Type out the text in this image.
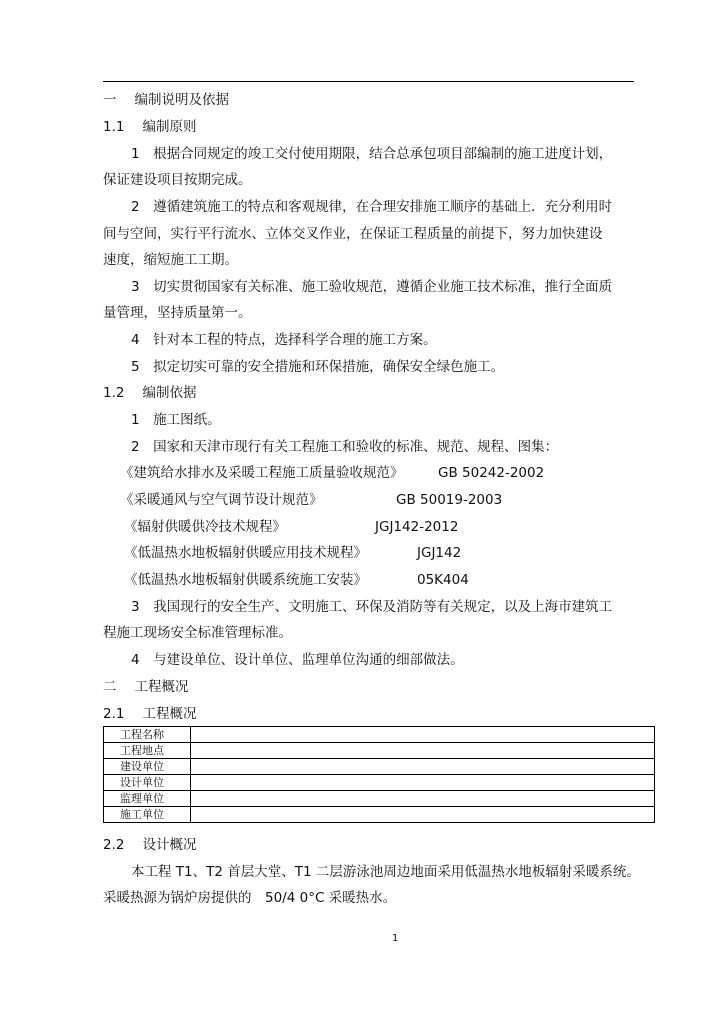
一 编制说明及依据
1.1 编制原则
1　根据合同规定的竣工交付使用期限，结合总承包项目部编制的施工进度计划，
保证建设项目按期完成。
2　遵循建筑施工的特点和客观规律，在合理安排施工顺序的基础上．充分利用时
间与空间，实行平行流水、立体交叉作业，在保证工程质量的前提下，努力加快建设
速度，缩短施工工期。
3　切实贯彻国家有关标准、施工验收规范，遵循企业施工技术标准，推行全面质
量管理，坚持质量第一。
4　针对本工程的特点，选择科学合理的施工方案。
5　拟定切实可靠的安全措施和环保措施，确保安全绿色施工。
1.2 编制依据
1　施工图纸。
2　国家和天津市现行有关工程施工和验收的标准、规范、规程、图集：
《建筑给水排水及采暖工程施工质量验收规范》	GB 50242-2002
《采暖通风与空气调节设计规范》	GB 50019-2003
《辐射供暖供冷技术规程》	JGJ142-2012
《低温热水地板辐射供暖应用技术规程》	JGJ142
《低温热水地板辐射供暖系统施工安装》	05K404
3　我国现行的安全生产、文明施工、环保及消防等有关规定，以及上海市建筑工
程施工现场安全标准管理标准。
4　与建设单位、设计单位、监理单位沟通的细部做法。
二 工程概况
2.1 工程概况
工程名称	
工程地点	
建设单位	
设计单位	
监理单位	
施工单位	
2.2 设计概况
本工程 T1、T2 首层大堂、T1 二层游泳池周边地面采用低温热水地板辐射采暖系统。
采暖热源为锅炉房提供的　50/4 0°C 采暖热水。
1
